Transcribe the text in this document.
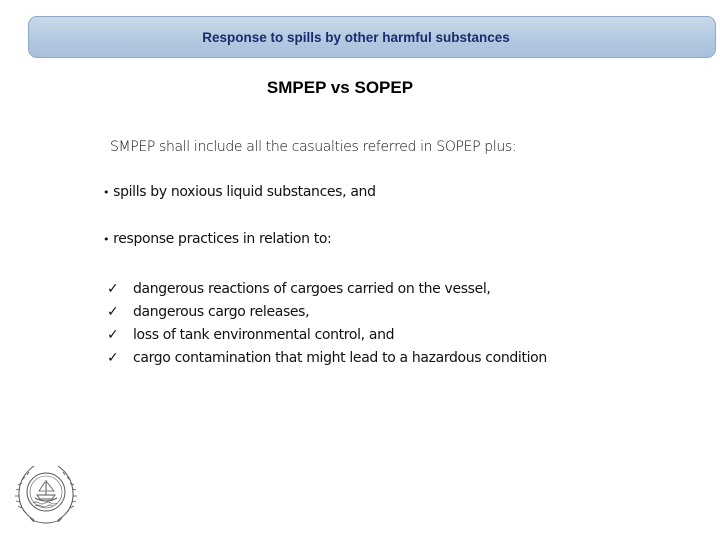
Response to spills by other harmful substances
SMPEP vs SOPEP
SMPEP shall include all the casualties referred in SOPEP plus:
• spills by noxious liquid substances, and
• response practices in relation to:
✓	dangerous reactions of cargoes carried on the vessel,
✓	dangerous cargo releases,
✓	loss of tank environmental control, and
✓	cargo contamination that might lead to a hazardous condition
